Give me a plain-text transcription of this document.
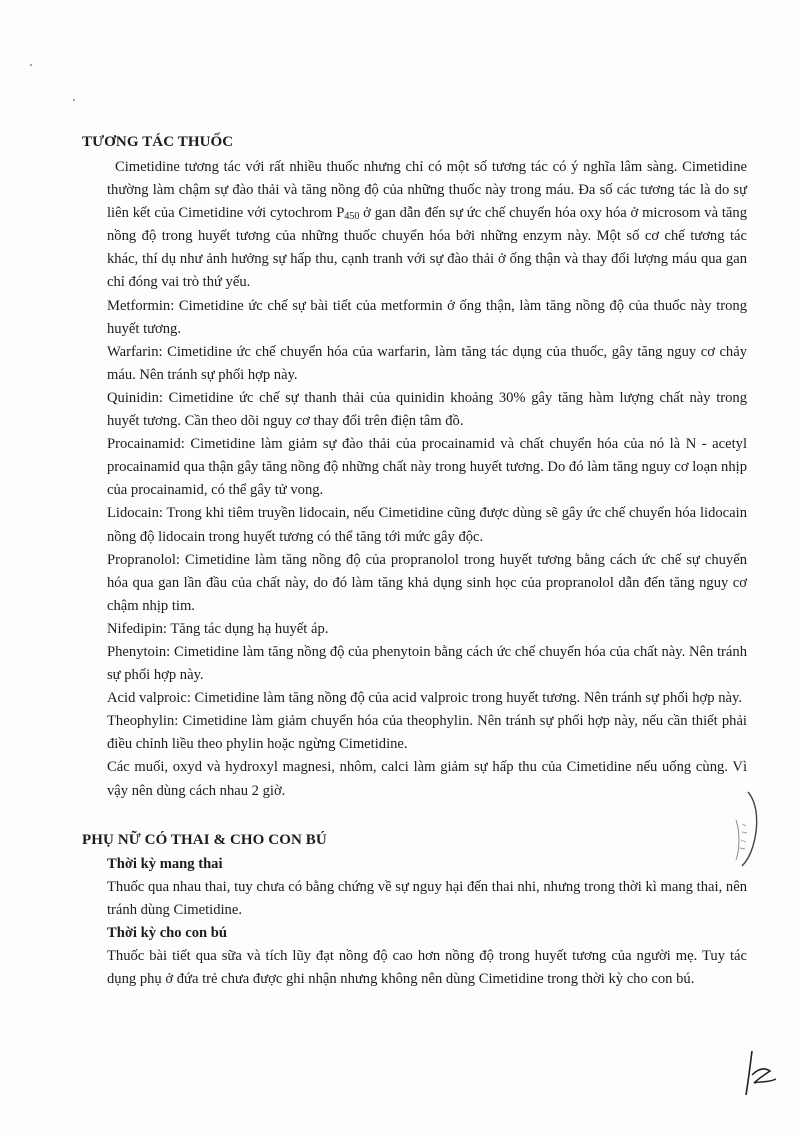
TƯƠNG TÁC THUỐC

Cimetidine tương tác với rất nhiều thuốc nhưng chỉ có một số tương tác có ý nghĩa lâm sàng. Cimetidine thường làm chậm sự đào thải và tăng nồng độ của những thuốc này trong máu. Đa số các tương tác là do sự liên kết của Cimetidine với cytochrom $P_{450}$ ở gan dẫn đến sự ức chế chuyển hóa oxy hóa ở microsom và tăng nồng độ trong huyết tương của những thuốc chuyển hóa bởi những enzym này. Một số cơ chế tương tác khác, thí dụ như ảnh hưởng sự hấp thu, cạnh tranh với sự đào thải ở ống thận và thay đổi lượng máu qua gan chỉ đóng vai trò thứ yếu.

Metformin: Cimetidine ức chế sự bài tiết của metformin ở ống thận, làm tăng nồng độ của thuốc này trong huyết tương.

Warfarin: Cimetidine ức chế chuyển hóa của warfarin, làm tăng tác dụng của thuốc, gây tăng nguy cơ chảy máu. Nên tránh sự phối hợp này.

Quinidin: Cimetidine ức chế sự thanh thải của quinidin khoảng 30% gây tăng hàm lượng chất này trong huyết tương. Cần theo dõi nguy cơ thay đổi trên điện tâm đồ.

Procainamid: Cimetidine làm giảm sự đào thải của procainamid và chất chuyển hóa của nó là N - acetyl procainamid qua thận gây tăng nồng độ những chất này trong huyết tương. Do đó làm tăng nguy cơ loạn nhịp của procainamid, có thể gây tử vong.

Lidocain: Trong khi tiêm truyền lidocain, nếu Cimetidine cũng được dùng sẽ gây ức chế chuyển hóa lidocain nồng độ lidocain trong huyết tương có thể tăng tới mức gây độc.

Propranolol: Cimetidine làm tăng nồng độ của propranolol trong huyết tương bằng cách ức chế sự chuyển hóa qua gan lần đầu của chất này, do đó làm tăng khả dụng sinh học của propranolol dẫn đến tăng nguy cơ chậm nhịp tim.

Nifedipin: Tăng tác dụng hạ huyết áp.

Phenytoin: Cimetidine làm tăng nồng độ của phenytoin bằng cách ức chế chuyển hóa của chất này. Nên tránh sự phối hợp này.

Acid valproic: Cimetidine làm tăng nồng độ của acid valproic trong huyết tương. Nên tránh sự phối hợp này.

Theophylin: Cimetidine làm giảm chuyển hóa của theophylin. Nên tránh sự phối hợp này, nếu cần thiết phải điều chỉnh liều theo phylin hoặc ngừng Cimetidine.

Các muối, oxyd và hydroxyl magnesi, nhôm, calci làm giảm sự hấp thu của Cimetidine nếu uống cùng. Vì vậy nên dùng cách nhau 2 giờ.

PHỤ NỮ CÓ THAI & CHO CON BÚ

Thời kỳ mang thai

Thuốc qua nhau thai, tuy chưa có bằng chứng về sự nguy hại đến thai nhi, nhưng trong thời kì mang thai, nên tránh dùng Cimetidine.

Thời kỳ cho con bú

Thuốc bài tiết qua sữa và tích lũy đạt nồng độ cao hơn nồng độ trong huyết tương của người mẹ. Tuy tác dụng phụ ở đứa trẻ chưa được ghi nhận nhưng không nên dùng Cimetidine trong thời kỳ cho con bú.
